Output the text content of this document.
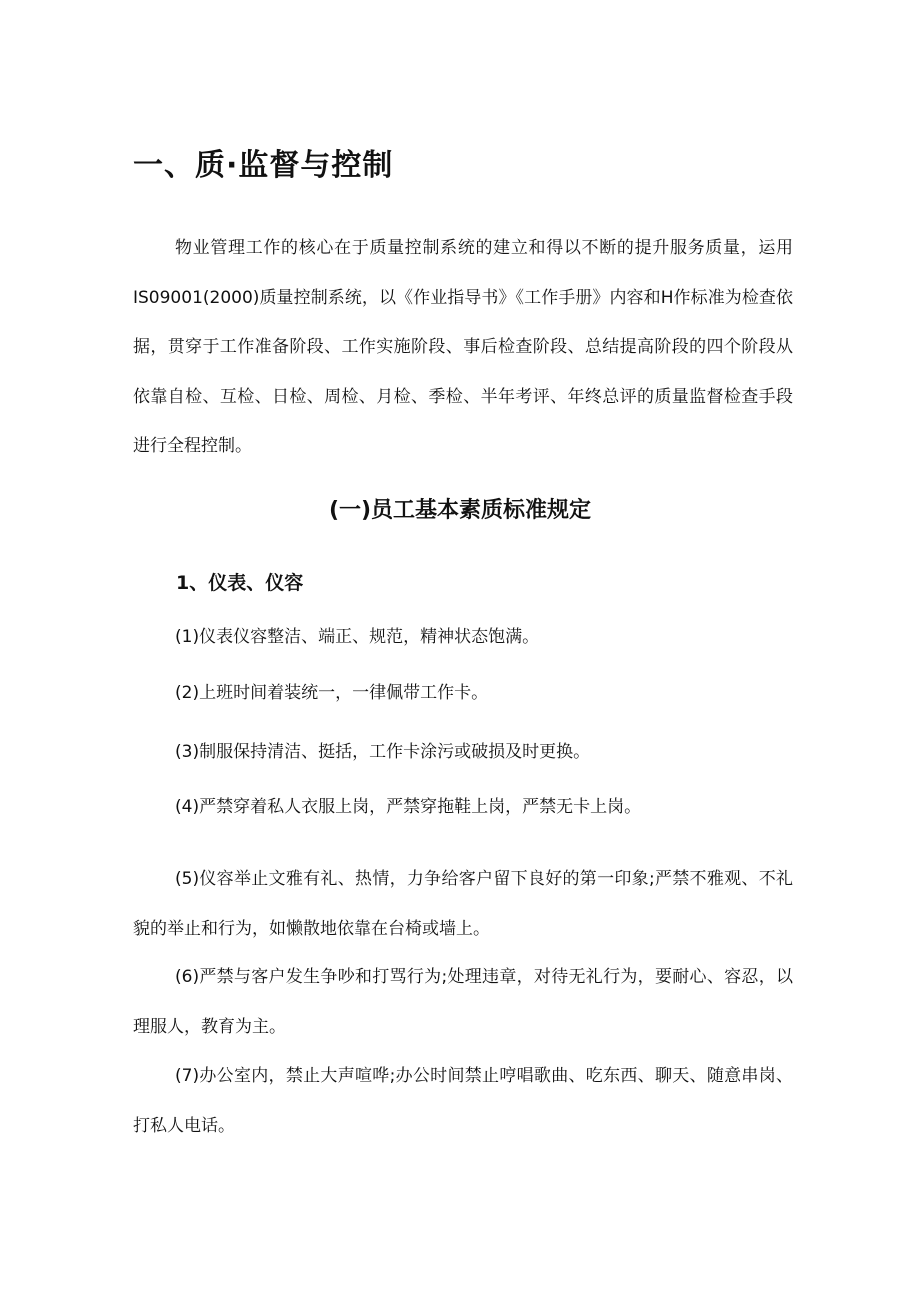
一、质·监督与控制

物业管理工作的核心在于质量控制系统的建立和得以不断的提升服务质量，运用IS09001(2000)质量控制系统，以《作业指导书》《工作手册》内容和H作标准为检查依据，贯穿于工作准备阶段、工作实施阶段、事后检查阶段、总结提高阶段的四个阶段从依靠自检、互检、日检、周检、月检、季检、半年考评、年终总评的质量监督检查手段进行全程控制。

(一)员工基本素质标准规定
1、仪表、仪容

(1)仪表仪容整洁、端正、规范，精神状态饱满。

(2)上班时间着装统一，一律佩带工作卡。

(3)制服保持清洁、挺括，工作卡涂污或破损及时更换。

(4)严禁穿着私人衣服上岗，严禁穿拖鞋上岗，严禁无卡上岗。

(5)仪容举止文雅有礼、热情，力争给客户留下良好的第一印象;严禁不雅观、不礼貌的举止和行为，如懒散地依靠在台椅或墙上。

(6)严禁与客户发生争吵和打骂行为;处理违章，对待无礼行为，要耐心、容忍，以理服人，教育为主。

(7)办公室内，禁止大声喧哗;办公时间禁止哼唱歌曲、吃东西、聊天、随意串岗、打私人电话。
